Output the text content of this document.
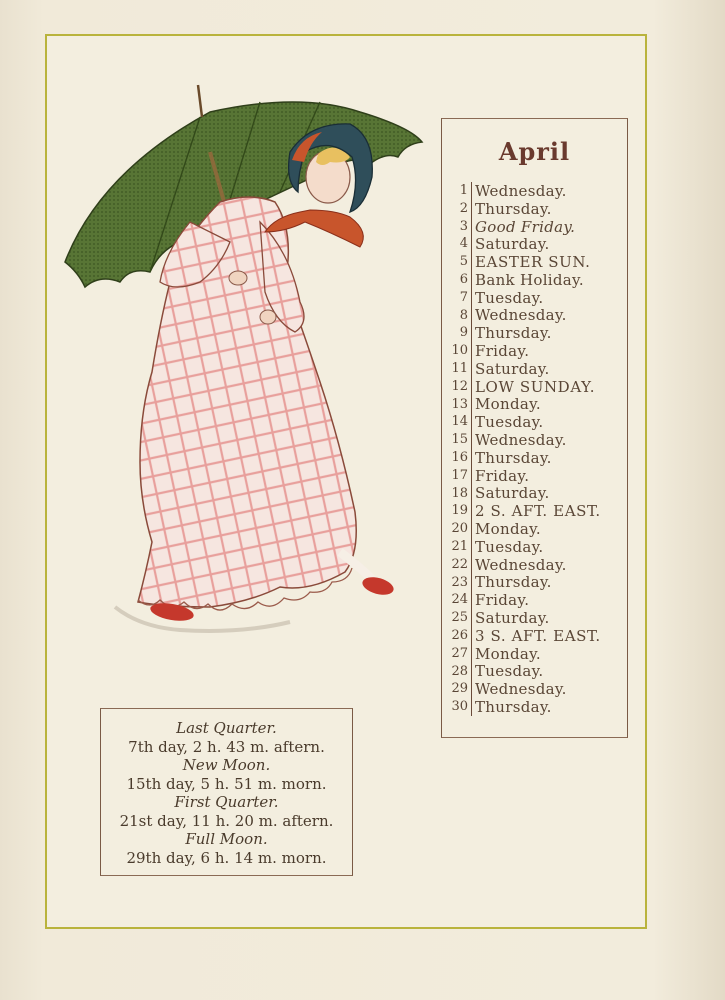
April
1 Wednesday.
2 Thursday.
3 Good Friday.
4 Saturday.
5 EASTER SUN.
6 Bank Holiday.
7 Tuesday.
8 Wednesday.
9 Thursday.
10 Friday.
11 Saturday.
12 LOW SUNDAY.
13 Monday.
14 Tuesday.
15 Wednesday.
16 Thursday.
17 Friday.
18 Saturday.
19 2 S. AFT. EAST.
20 Monday.
21 Tuesday.
22 Wednesday.
23 Thursday.
24 Friday.
25 Saturday.
26 3 S. AFT. EAST.
27 Monday.
28 Tuesday.
29 Wednesday.
30 Thursday.
Last Quarter.
7th day, 2 h. 43 m. aftern.
New Moon.
15th day, 5 h. 51 m. morn.
First Quarter.
21st day, 11 h. 20 m. aftern.
Full Moon.
29th day, 6 h. 14 m. morn.
